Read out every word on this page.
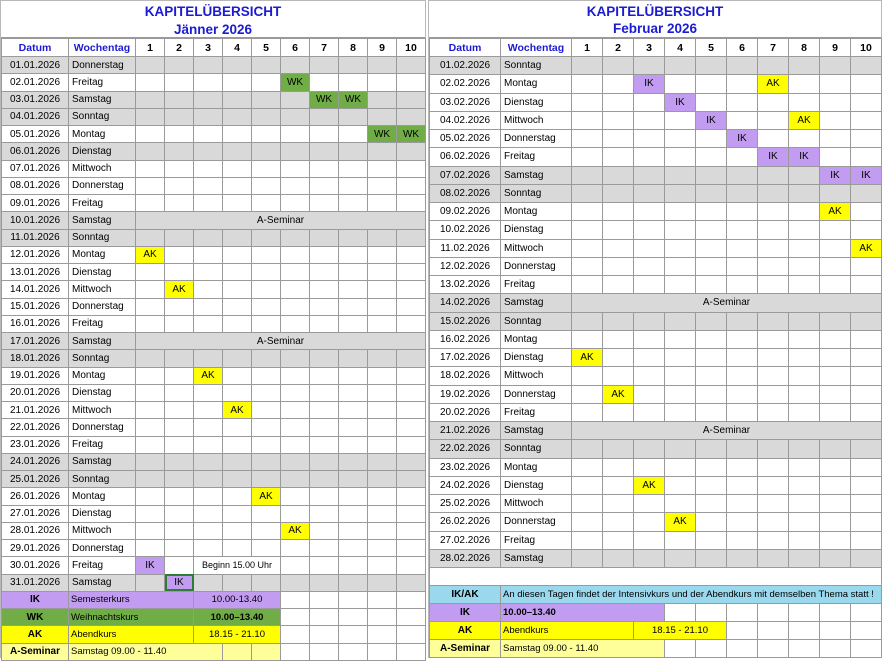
KAPITELÜBERSICHT
Jänner 2026
Datum	Wochentag	1	2	3	4	5	6	7	8	9	10
01.01.2026	Donnerstag										
02.01.2026	Freitag						WK				
03.01.2026	Samstag							WK	WK		
04.01.2026	Sonntag										
05.01.2026	Montag									WK	WK
06.01.2026	Dienstag										
07.01.2026	Mittwoch										
08.01.2026	Donnerstag										
09.01.2026	Freitag										
10.01.2026	Samstag	A-Seminar									
11.01.2026	Sonntag										
12.01.2026	Montag	AK									
13.01.2026	Dienstag										
14.01.2026	Mittwoch		AK								
15.01.2026	Donnerstag										
16.01.2026	Freitag										
17.01.2026	Samstag	A-Seminar									
18.01.2026	Sonntag										
19.01.2026	Montag			AK							
20.01.2026	Dienstag										
21.01.2026	Mittwoch				AK						
22.01.2026	Donnerstag										
23.01.2026	Freitag										
24.01.2026	Samstag										
25.01.2026	Sonntag										
26.01.2026	Montag					AK					
27.01.2026	Dienstag										
28.01.2026	Mittwoch						AK				
29.01.2026	Donnerstag										
30.01.2026	Freitag	IK		Beginn 15.00 Uhr							
31.01.2026	Samstag		IK								
IK	Semesterkurs			10.00-13.40							
WK	Weihnachtskurs			10.00–13.40							
AK	Abendkurs			18.15 - 21.10							
A-Seminar	Samstag 09.00 - 11.40										
KAPITELÜBERSICHT
Februar 2026
Datum	Wochentag	1	2	3	4	5	6	7	8	9	10
01.02.2026	Sonntag										
02.02.2026	Montag			IK				AK			
03.02.2026	Dienstag				IK						
04.02.2026	Mittwoch					IK			AK		
05.02.2026	Donnerstag						IK				
06.02.2026	Freitag							IK	IK		
07.02.2026	Samstag									IK	IK
08.02.2026	Sonntag										
09.02.2026	Montag									AK	
10.02.2026	Dienstag										
11.02.2026	Mittwoch										AK
12.02.2026	Donnerstag										
13.02.2026	Freitag										
14.02.2026	Samstag	A-Seminar									
15.02.2026	Sonntag										
16.02.2026	Montag										
17.02.2026	Dienstag	AK									
18.02.2026	Mittwoch										
19.02.2026	Donnerstag		AK								
20.02.2026	Freitag										
21.02.2026	Samstag	A-Seminar									
22.02.2026	Sonntag										
23.02.2026	Montag										
24.02.2026	Dienstag			AK							
25.02.2026	Mittwoch										
26.02.2026	Donnerstag				AK						
27.02.2026	Freitag										
28.02.2026	Samstag										

IK/AK	An diesen Tagen findet der Intensivkurs und der Abendkurs mit demselben Thema statt !										
IK	10.00–13.40										
AK	Abendkurs			18.15 - 21.10							
A-Seminar	Samstag 09.00 - 11.40										
